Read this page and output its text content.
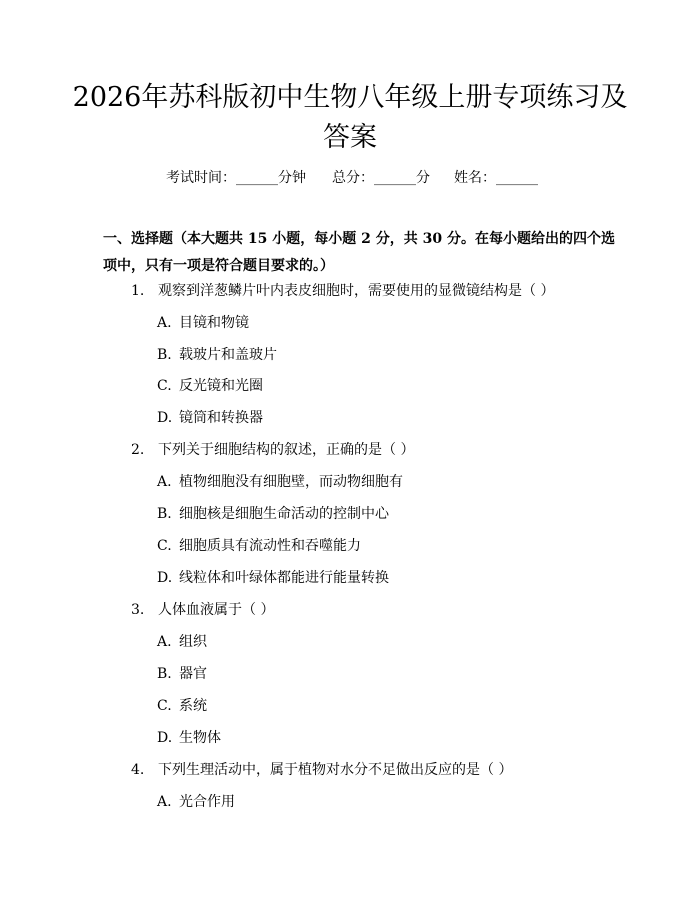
2026年苏科版初中生物八年级上册专项练习及答案
考试时间：______分钟 总分：______分 姓名：______

一、选择题（本大题共 15 小题，每小题 2 分，共 30 分。在每小题给出的四个选项中，只有一项是符合题目要求的。）

1. 观察到洋葱鳞片叶内表皮细胞时，需要使用的显微镜结构是（ ）
A. 目镜和物镜
B. 载玻片和盖玻片
C. 反光镜和光圈
D. 镜筒和转换器
2. 下列关于细胞结构的叙述，正确的是（ ）
A. 植物细胞没有细胞壁，而动物细胞有
B. 细胞核是细胞生命活动的控制中心
C. 细胞质具有流动性和吞噬能力
D. 线粒体和叶绿体都能进行能量转换
3. 人体血液属于（ ）
A. 组织
B. 器官
C. 系统
D. 生物体
4. 下列生理活动中，属于植物对水分不足做出反应的是（ ）
A. 光合作用
